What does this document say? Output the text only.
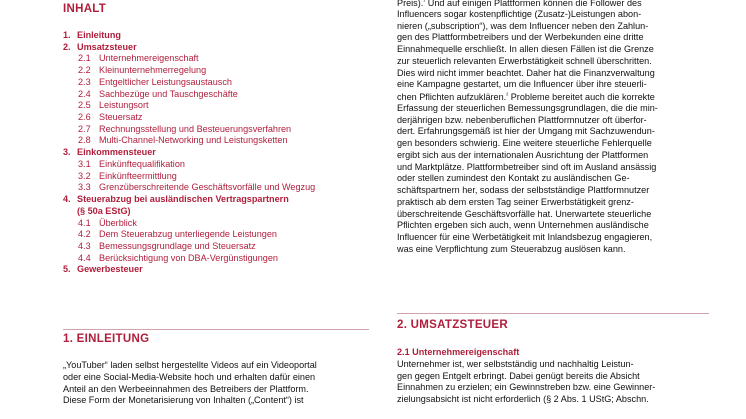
INHALT
1. Einleitung
2. Umsatzsteuer
2.1 Unternehmereigenschaft
2.2 Kleinunternehmerregelung
2.3 Entgeltlicher Leistungsaustausch
2.4 Sachbezüge und Tauschgeschäfte
2.5 Leistungsort
2.6 Steuersatz
2.7 Rechnungsstellung und Besteuerungsverfahren
2.8 Multi-Channel-Networking und Leistungsketten
3. Einkommensteuer
3.1 Einkünftequalifikation
3.2 Einkünfteermittlung
3.3 Grenzüberschreitende Geschäftsvorfälle und Wegzug
4. Steuerabzug bei ausländischen Vertragspartnern
(§ 50a EStG)
4.1 Überblick
4.2 Dem Steuerabzug unterliegende Leistungen
4.3 Bemessungsgrundlage und Steuersatz
4.4 Berücksichtigung von DBA-Vergünstigungen
5. Gewerbesteuer
1. EINLEITUNG
„YouTuber“ laden selbst hergestellte Videos auf ein Videoportal
oder eine Social-Media-Website hoch und erhalten dafür einen
Anteil an den Werbeeinnahmen des Betreibers der Plattform.
Diese Form der Monetarisierung von Inhalten („Content“) ist
Preis).$^{^1}$ Und auf einigen Plattformen können die Follower des
Influencers sogar kostenpflichtige (Zusatz-)Leistungen abon-
nieren („subscription“), was dem Influencer neben den Zahlun-
gen des Plattformbetreibers und der Werbekunden eine dritte
Einnahmequelle erschließt. In allen diesen Fällen ist die Grenze
zur steuerlich relevanten Erwerbstätigkeit schnell überschritten.
Dies wird nicht immer beachtet. Daher hat die Finanzverwaltung
eine Kampagne gestartet, um die Influencer über ihre steuerli-
chen Pflichten aufzuklären.$^{^2}$ Probleme bereitet auch die korrekte
Erfassung der steuerlichen Bemessungsgrundlagen, die die min-
derjährigen bzw. nebenberuflichen Plattformnutzer oft überfor-
dert. Erfahrungsgemäß ist hier der Umgang mit Sachzuwendun-
gen besonders schwierig. Eine weitere steuerliche Fehlerquelle
ergibt sich aus der internationalen Ausrichtung der Plattformen
und Marktplätze. Plattformbetreiber sind oft im Ausland ansässig
oder stellen zumindest den Kontakt zu ausländischen Ge-
schäftspartnern her, sodass der selbstständige Plattformnutzer
praktisch ab dem ersten Tag seiner Erwerbstätigkeit grenz-
überschreitende Geschäftsvorfälle hat. Unerwartete steuerliche
Pflichten ergeben sich auch, wenn Unternehmen ausländische
Influencer für eine Werbetätigkeit mit Inlandsbezug engagieren,
was eine Verpflichtung zum Steuerabzug auslösen kann.
2. UMSATZSTEUER
2.1 Unternehmereigenschaft
Unternehmer ist, wer selbstständig und nachhaltig Leistun-
gen gegen Entgelt erbringt. Dabei genügt bereits die Absicht
Einnahmen zu erzielen; ein Gewinnstreben bzw. eine Gewinner-
zielungsabsicht ist nicht erforderlich (§ 2 Abs. 1 UStG; Abschn.
